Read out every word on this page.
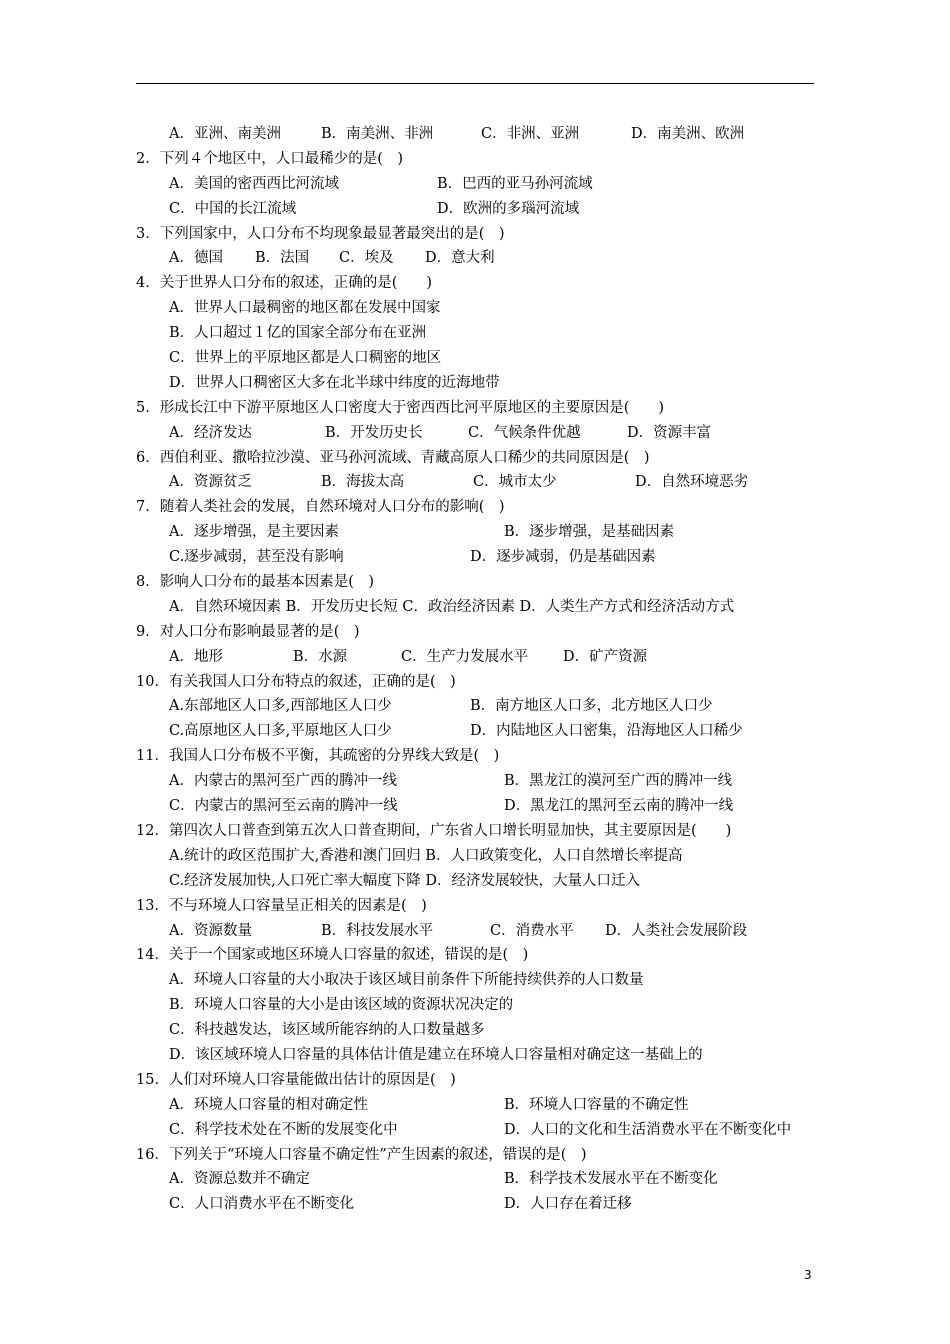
A．亚洲、南美洲	B．南美洲、非洲	C．非洲、亚洲	D．南美洲、欧洲
2．下列４个地区中，人口最稀少的是(　)
A．美国的密西西比河流域	B．巴西的亚马孙河流域
C．中国的长江流域	D．欧洲的多瑙河流域
3．下列国家中，人口分布不均现象最显著最突出的是(　)
A．德国 B．法国 C．埃及 D．意大利
4．关于世界人口分布的叙述，正确的是(　　)
A．世界人口最稠密的地区都在发展中国家
B．人口超过１亿的国家全部分布在亚洲
C．世界上的平原地区都是人口稠密的地区
D．世界人口稠密区大多在北半球中纬度的近海地带
5．形成长江中下游平原地区人口密度大于密西西比河平原地区的主要原因是(　　)
A．经济发达	B．开发历史长	C．气候条件优越	D．资源丰富
6．西伯利亚、撒哈拉沙漠、亚马孙河流域、青藏高原人口稀少的共同原因是(　)
A．资源贫乏	B．海拔太高	C．城市太少	D．自然环境恶劣
7．随着人类社会的发展，自然环境对人口分布的影响(　)
A．逐步增强，是主要因素	B．逐步增强，是基础因素
C.逐步减弱，甚至没有影响	D．逐步减弱，仍是基础因素
8．影响人口分布的最基本因素是(　)
A．自然环境因素 B．开发历史长短 C．政治经济因素 D．人类生产方式和经济活动方式
9．对人口分布影响最显著的是(　)
A．地形	B．水源	C．生产力发展水平 D．矿产资源
10．有关我国人口分布特点的叙述，正确的是(　)
A.东部地区人口多,西部地区人口少	B．南方地区人口多，北方地区人口少
C.高原地区人口多,平原地区人口少	D．内陆地区人口密集，沿海地区人口稀少
11．我国人口分布极不平衡，其疏密的分界线大致是(　)
A．内蒙古的黑河至广西的腾冲一线	B．黑龙江的漠河至广西的腾冲一线
C．内蒙古的黑河至云南的腾冲一线	D．黑龙江的黑河至云南的腾冲一线
12．第四次人口普查到第五次人口普查期间，广东省人口增长明显加快，其主要原因是(　　)
A.统计的政区范围扩大,香港和澳门回归 B．人口政策变化，人口自然增长率提高
C.经济发展加快,人口死亡率大幅度下降 D．经济发展较快，大量人口迁入
13．不与环境人口容量呈正相关的因素是(　)
A．资源数量	B．科技发展水平	C．消费水平 D．人类社会发展阶段
14．关于一个国家或地区环境人口容量的叙述，错误的是(　)
A．环境人口容量的大小取决于该区域目前条件下所能持续供养的人口数量
B．环境人口容量的大小是由该区域的资源状况决定的
C．科技越发达，该区域所能容纳的人口数量越多
D．该区域环境人口容量的具体估计值是建立在环境人口容量相对确定这一基础上的
15．人们对环境人口容量能做出估计的原因是(　)
A．环境人口容量的相对确定性	B．环境人口容量的不确定性
C．科学技术处在不断的发展变化中	D．人口的文化和生活消费水平在不断变化中
16．下列关于“环境人口容量不确定性”产生因素的叙述，错误的是(　)
A．资源总数并不确定	B．科学技术发展水平在不断变化
C．人口消费水平在不断变化	D．人口存在着迁移
3
